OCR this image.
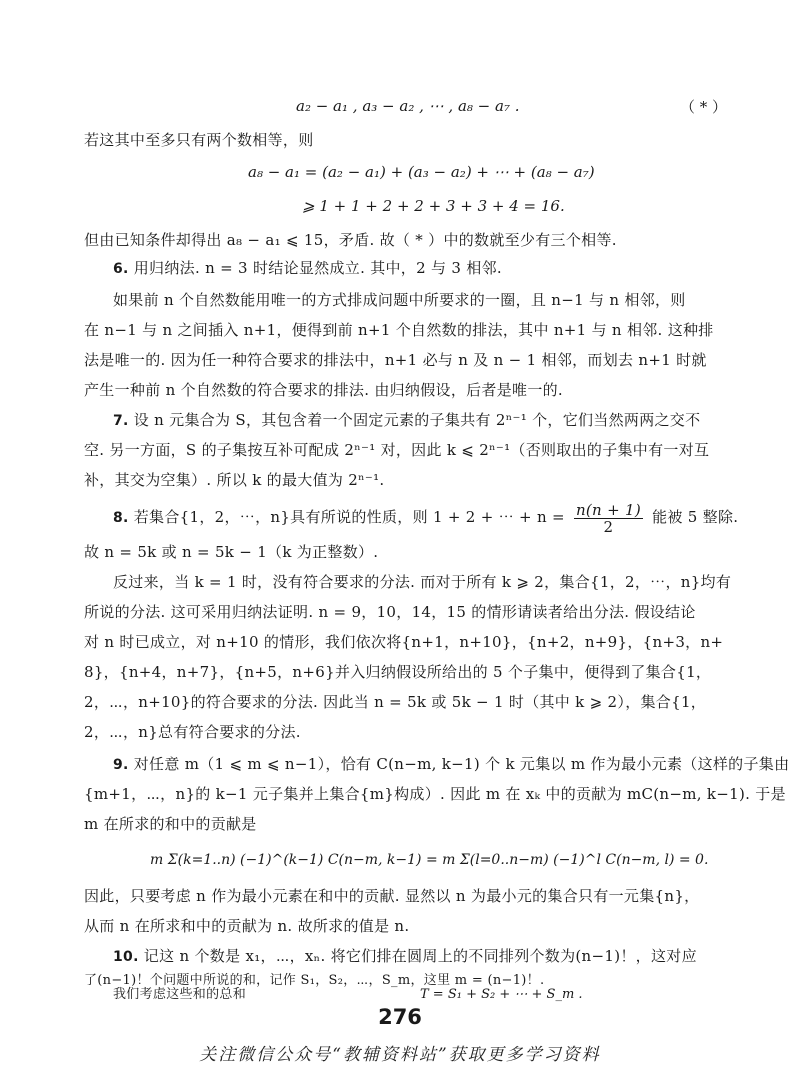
a₂ − a₁ , a₃ − a₂ , ⋯ , a₈ − a₇ .	（ * ）
若这其中至多只有两个数相等，则
a₈ − a₁ = (a₂ − a₁) + (a₃ − a₂) + ⋯ + (a₈ − a₇)
⩾ 1 + 1 + 2 + 2 + 3 + 3 + 4 = 16.
但由已知条件却得出 a₈ − a₁ ⩽ 15，矛盾. 故（ * ）中的数就至少有三个相等.
6. 用归纳法. n = 3 时结论显然成立. 其中，2 与 3 相邻.
如果前 n 个自然数能用唯一的方式排成问题中所要求的一圈，且 n−1 与 n 相邻，则
在 n−1 与 n 之间插入 n+1，便得到前 n+1 个自然数的排法，其中 n+1 与 n 相邻. 这种排
法是唯一的. 因为任一种符合要求的排法中，n+1 必与 n 及 n − 1 相邻，而划去 n+1 时就
产生一种前 n 个自然数的符合要求的排法. 由归纳假设，后者是唯一的.
7. 设 n 元集合为 S，其包含着一个固定元素的子集共有 2ⁿ⁻¹ 个，它们当然两两之交不
空. 另一方面，S 的子集按互补可配成 2ⁿ⁻¹ 对，因此 k ⩽ 2ⁿ⁻¹（否则取出的子集中有一对互
补，其交为空集）. 所以 k 的最大值为 2ⁿ⁻¹.
8. 若集合{1，2，⋯，n}具有所说的性质，则 1 + 2 + ⋯ + $n = \frac{n(n + 1)}{2}$ 能被 5 整除.
故 n = 5k 或 n = 5k − 1（k 为正整数）.
反过来，当 k = 1 时，没有符合要求的分法. 而对于所有 k ⩾ 2，集合{1，2，⋯，n}均有
所说的分法. 这可采用归纳法证明. n = 9，10，14，15 的情形请读者给出分法. 假设结论
对 n 时已成立，对 n+10 的情形，我们依次将{n+1，n+10}，{n+2，n+9}，{n+3，n+
8}，{n+4，n+7}，{n+5，n+6}并入归纳假设所给出的 5 个子集中，便得到了集合{1，
2，⋯，n+10}的符合要求的分法. 因此当 n = 5k 或 5k − 1 时（其中 k ⩾ 2），集合{1，
2，⋯，n}总有符合要求的分法.
9. 对任意 m（1 ⩽ m ⩽ n−1），恰有 C(n−m, k−1) 个 k 元集以 m 作为最小元素（这样的子集由
{m+1，⋯，n}的 k−1 元子集并上集合{m}构成）. 因此 m 在 xₖ 中的贡献为 mC(n−m, k−1). 于是
m 在所求的和中的贡献是
m Σ(k=1..n) (−1)^(k−1) C(n−m, k−1) = m Σ(l=0..n−m) (−1)^l C(n−m, l) = 0.
因此，只要考虑 n 作为最小元素在和中的贡献. 显然以 n 为最小元的集合只有一元集{n}，
从而 n 在所求和中的贡献为 n. 故所求的值是 n.
10. 记这 n 个数是 x₁，⋯，xₙ. 将它们排在圆周上的不同排列个数为(n−1)！，这对应
276
关注微信公众号“教辅资料站”获取更多学习资料
了(n−1)！个问题中所说的和，记作 S₁，S₂，⋯，S_m，这里 m = (n−1)！.
我们考虑这些和的总和	T = S₁ + S₂ + ⋯ + S_m .
